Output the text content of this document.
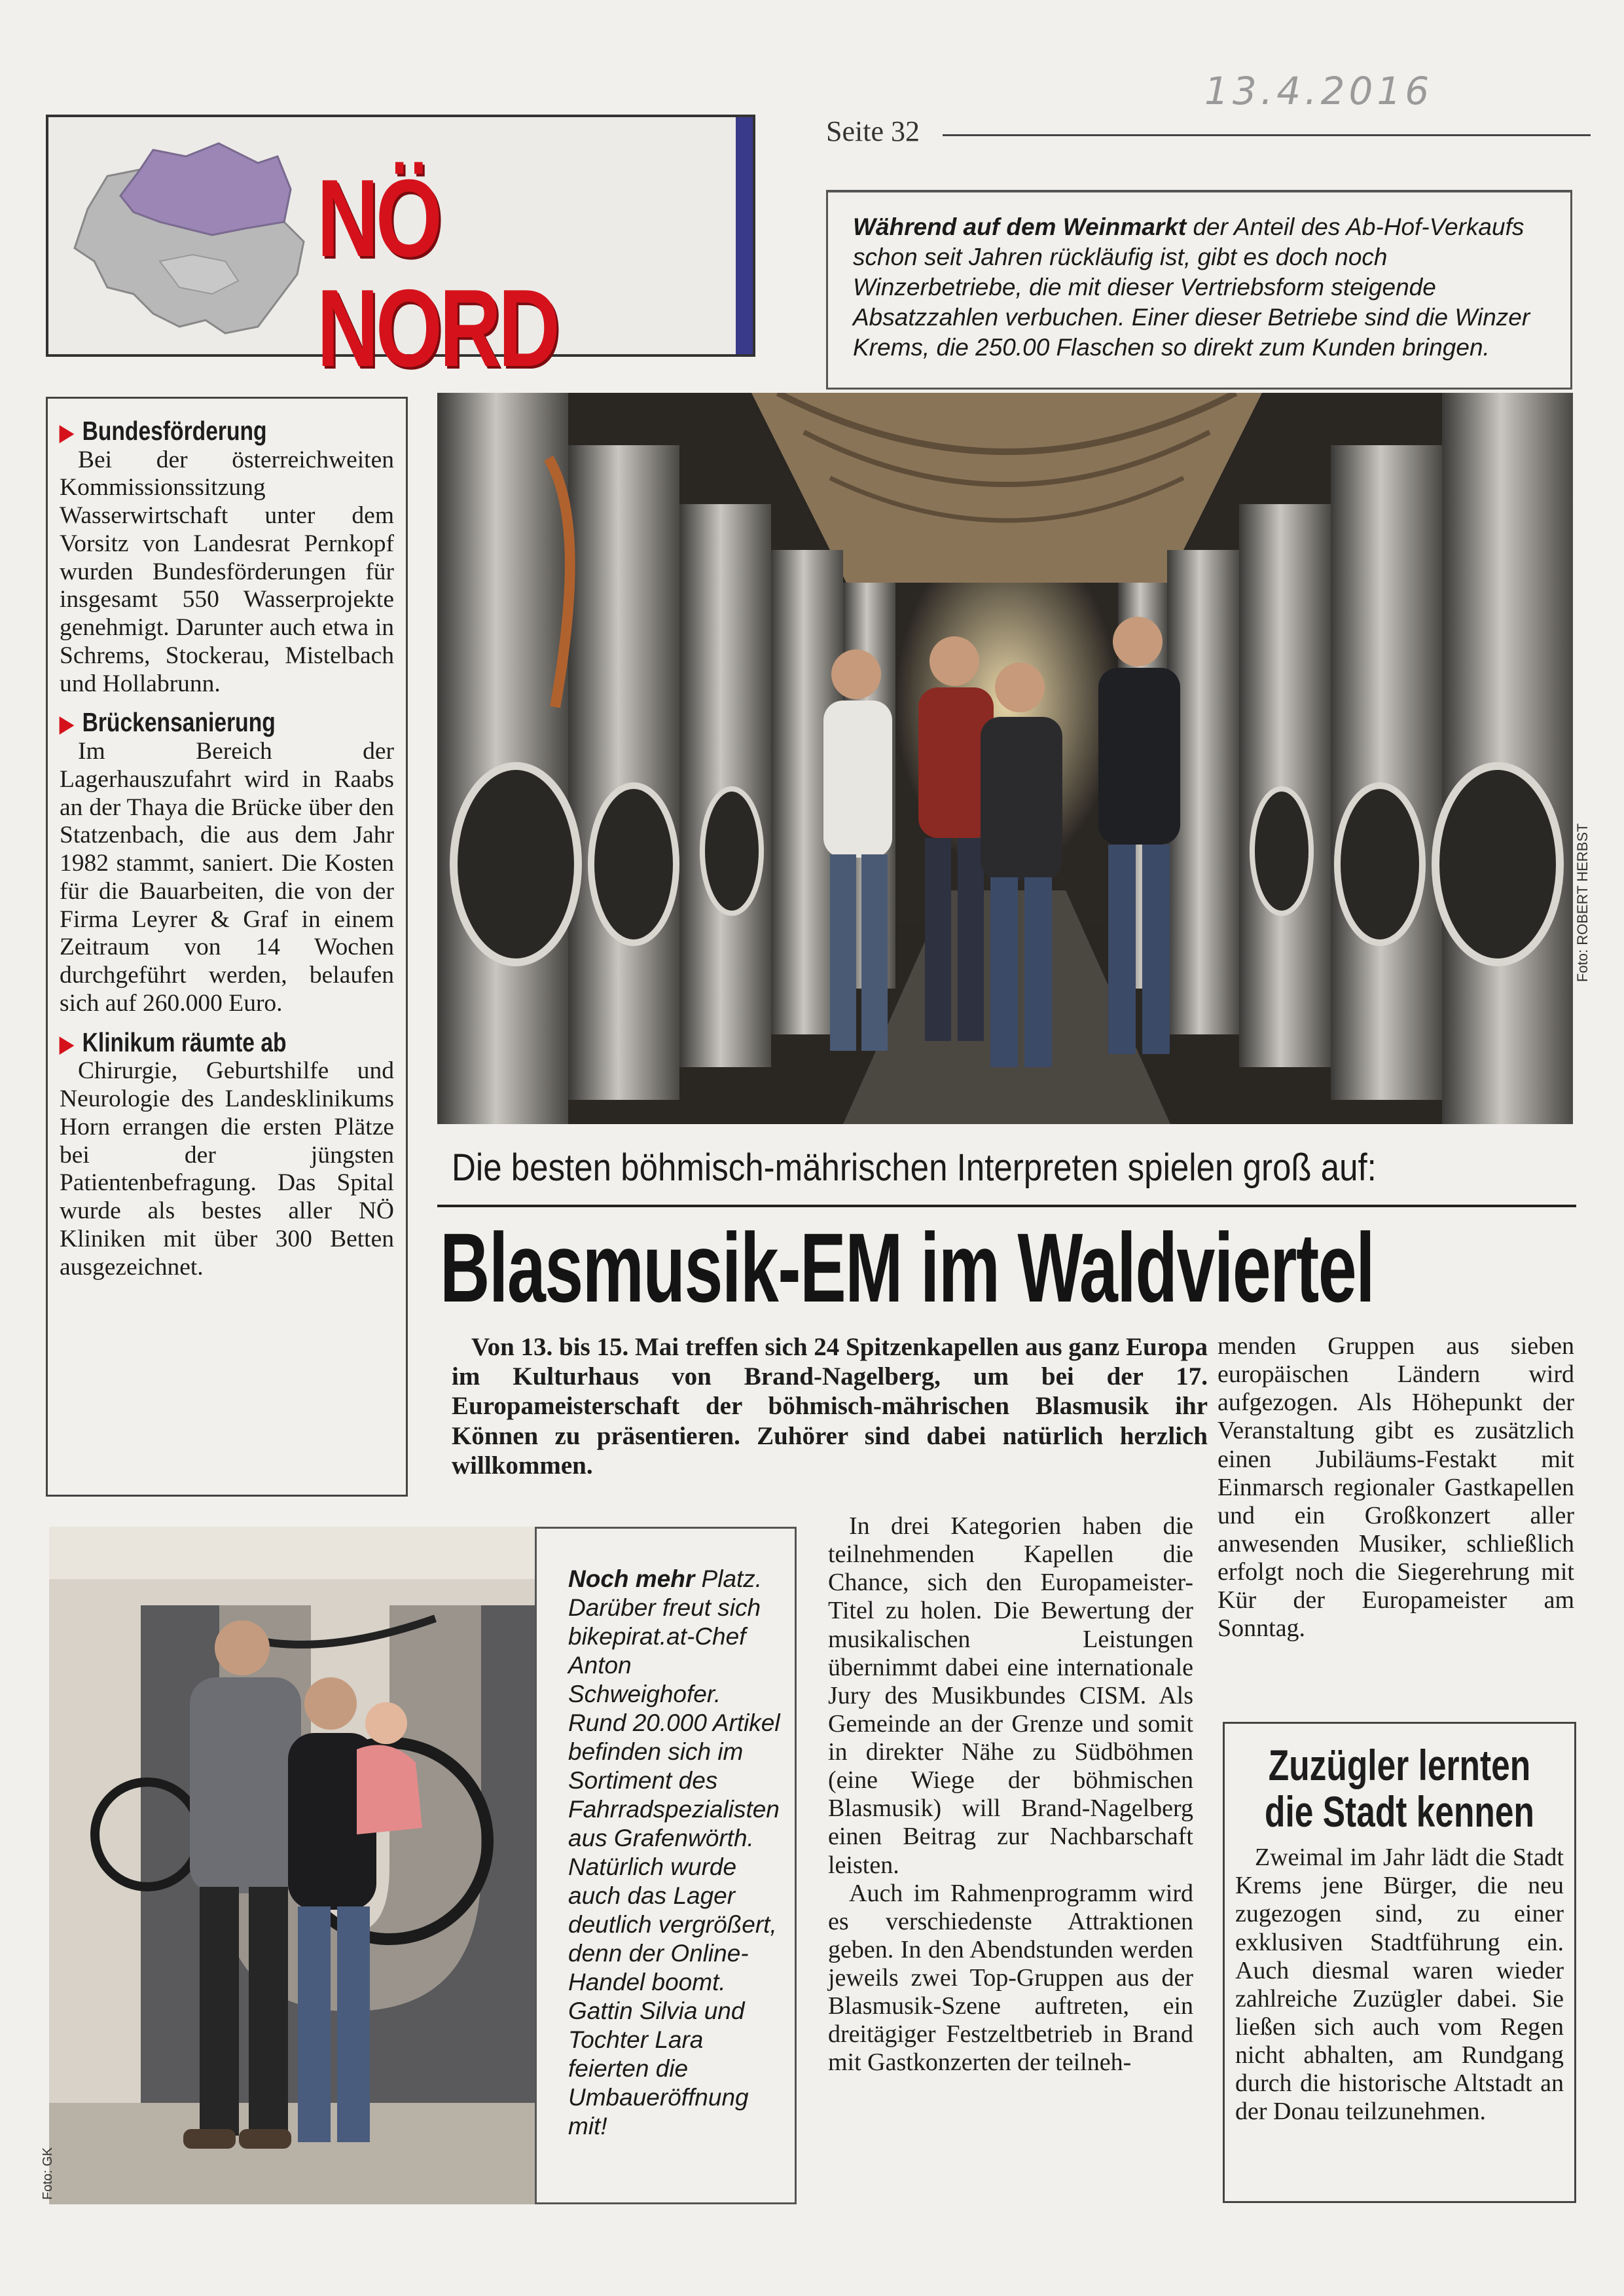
13.4.2016
NÖ NORD
Seite 32
Während auf dem Weinmarkt der Anteil des Ab-Hof-Verkaufs schon seit Jahren rückläufig ist, gibt es doch noch Winzerbetriebe, die mit dieser Vertriebsform steigende Absatzzahlen verbuchen. Einer dieser Betriebe sind die Winzer Krems, die 250.00 Flaschen so direkt zum Kunden bringen.
▶ Bundesförderung
Bei der österreichweiten Kommissionssitzung Wasserwirtschaft unter dem Vorsitz von Landesrat Pernkopf wurden Bundesförderungen für insgesamt 550 Wasserprojekte genehmigt. Darunter auch etwa in Schrems, Stockerau, Mistelbach und Hollabrunn.
▶ Brückensanierung
Im Bereich der Lagerhauszufahrt wird in Raabs an der Thaya die Brücke über den Statzenbach, die aus dem Jahr 1982 stammt, saniert. Die Kosten für die Bauarbeiten, die von der Firma Leyrer & Graf in einem Zeitraum von 14 Wochen durchgeführt werden, belaufen sich auf 260.000 Euro.
▶ Klinikum räumte ab
Chirurgie, Geburtshilfe und Neurologie des Landesklinikums Horn errangen die ersten Plätze bei der jüngsten Patientenbefragung. Das Spital wurde als bestes aller NÖ Kliniken mit über 300 Betten ausgezeichnet.
Foto: ROBERT HERBST
Die besten böhmisch-mährischen Interpreten spielen groß auf:
Blasmusik-EM im Waldviertel
Von 13. bis 15. Mai treffen sich 24 Spitzenkapellen aus ganz Europa im Kulturhaus von Brand-Nagelberg, um bei der 17. Europameisterschaft der böhmisch-mährischen Blasmusik ihr Können zu präsentieren. Zuhörer sind dabei natürlich herzlich willkommen.
In drei Kategorien haben die teilnehmenden Kapellen die Chance, sich den Europameister-Titel zu holen. Die Bewertung der musikalischen Leistungen übernimmt dabei eine internationale Jury des Musikbundes CISM. Als Gemeinde an der Grenze und somit in direkter Nähe zu Südböhmen (eine Wiege der böhmischen Blasmusik) will Brand-Nagelberg einen Beitrag zur Nachbarschaft leisten.
Auch im Rahmenprogramm wird es verschiedenste Attraktionen geben. In den Abendstunden werden jeweils zwei Top-Gruppen aus der Blasmusik-Szene auftreten, ein dreitägiger Festzeltbetrieb in Brand mit Gastkonzerten der teilneh-
menden Gruppen aus sieben europäischen Ländern wird aufgezogen. Als Höhepunkt der Veranstaltung gibt es zusätzlich einen Jubiläums-Festakt mit Einmarsch regionaler Gastkapellen und ein Großkonzert aller anwesenden Musiker, schließlich erfolgt noch die Siegerehrung mit Kür der Europameister am Sonntag.
Foto: GK
Noch mehr Platz. Darüber freut sich bikepirat.at-Chef Anton Schweighofer. Rund 20.000 Artikel befinden sich im Sortiment des Fahrradspezialisten aus Grafenwörth. Natürlich wurde auch das Lager deutlich vergrößert, denn der Online-Handel boomt. Gattin Silvia und Tochter Lara feierten die Umbaueröffnung mit!
Zuzügler lernten
die Stadt kennen
Zweimal im Jahr lädt die Stadt Krems jene Bürger, die neu zugezogen sind, zu einer exklusiven Stadtführung ein. Auch diesmal waren wieder zahlreiche Zuzügler dabei. Sie ließen sich auch vom Regen nicht abhalten, am Rundgang durch die historische Altstadt an der Donau teilzunehmen.
